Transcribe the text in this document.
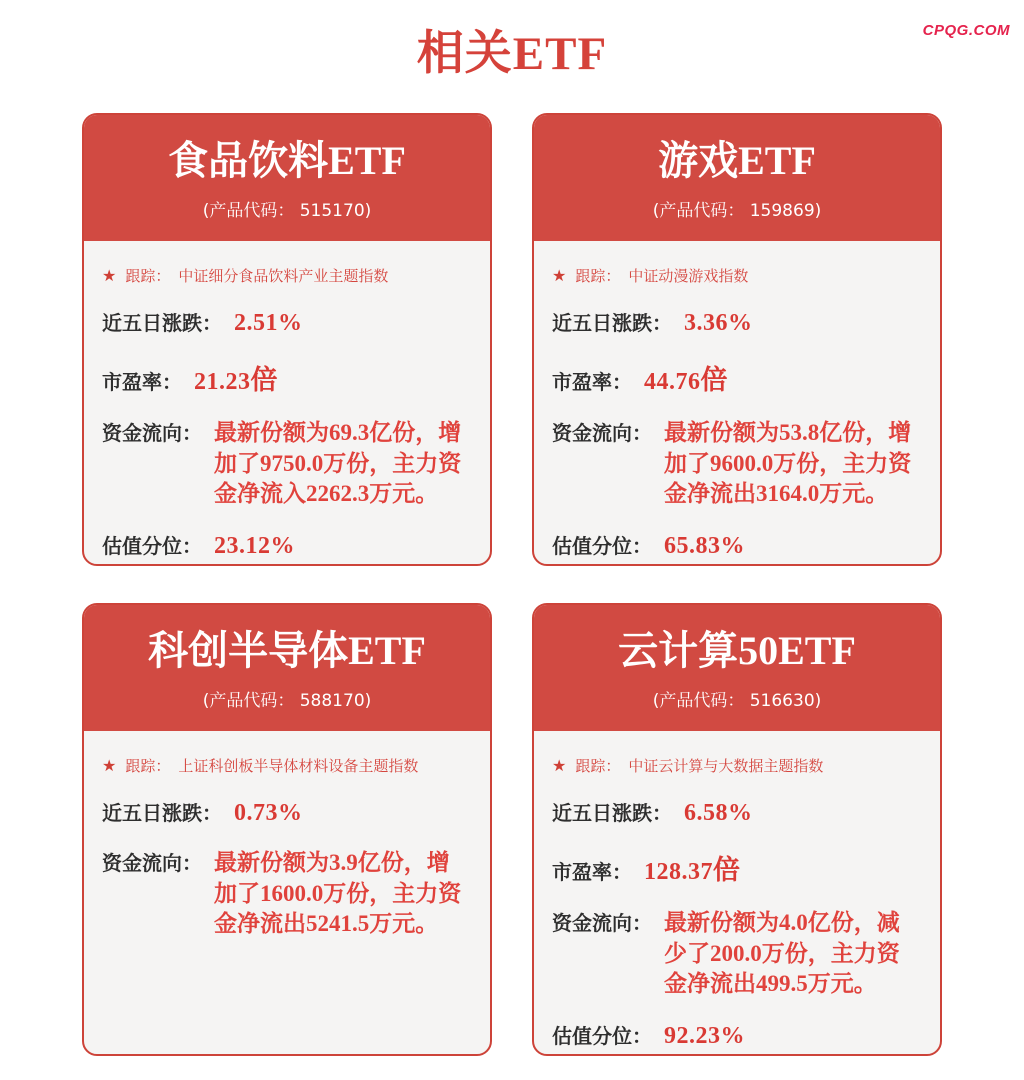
CPQG.COM
相关ETF
食品饮料ETF
(产品代码： 515170)
★ 跟踪： 中证细分食品饮料产业主题指数
近五日涨跌： 2.51%
市盈率： 21.23倍
资金流向： 最新份额为69.3亿份，增加了9750.0万份，主力资金净流入2262.3万元。
估值分位： 23.12%
游戏ETF
(产品代码： 159869)
★ 跟踪： 中证动漫游戏指数
近五日涨跌： 3.36%
市盈率： 44.76倍
资金流向： 最新份额为53.8亿份，增加了9600.0万份，主力资金净流出3164.0万元。
估值分位： 65.83%
科创半导体ETF
(产品代码： 588170)
★ 跟踪： 上证科创板半导体材料设备主题指数
近五日涨跌： 0.73%
资金流向： 最新份额为3.9亿份，增加了1600.0万份，主力资金净流出5241.5万元。
云计算50ETF
(产品代码： 516630)
★ 跟踪： 中证云计算与大数据主题指数
近五日涨跌： 6.58%
市盈率： 128.37倍
资金流向： 最新份额为4.0亿份，减少了200.0万份，主力资金净流出499.5万元。
估值分位： 92.23%
